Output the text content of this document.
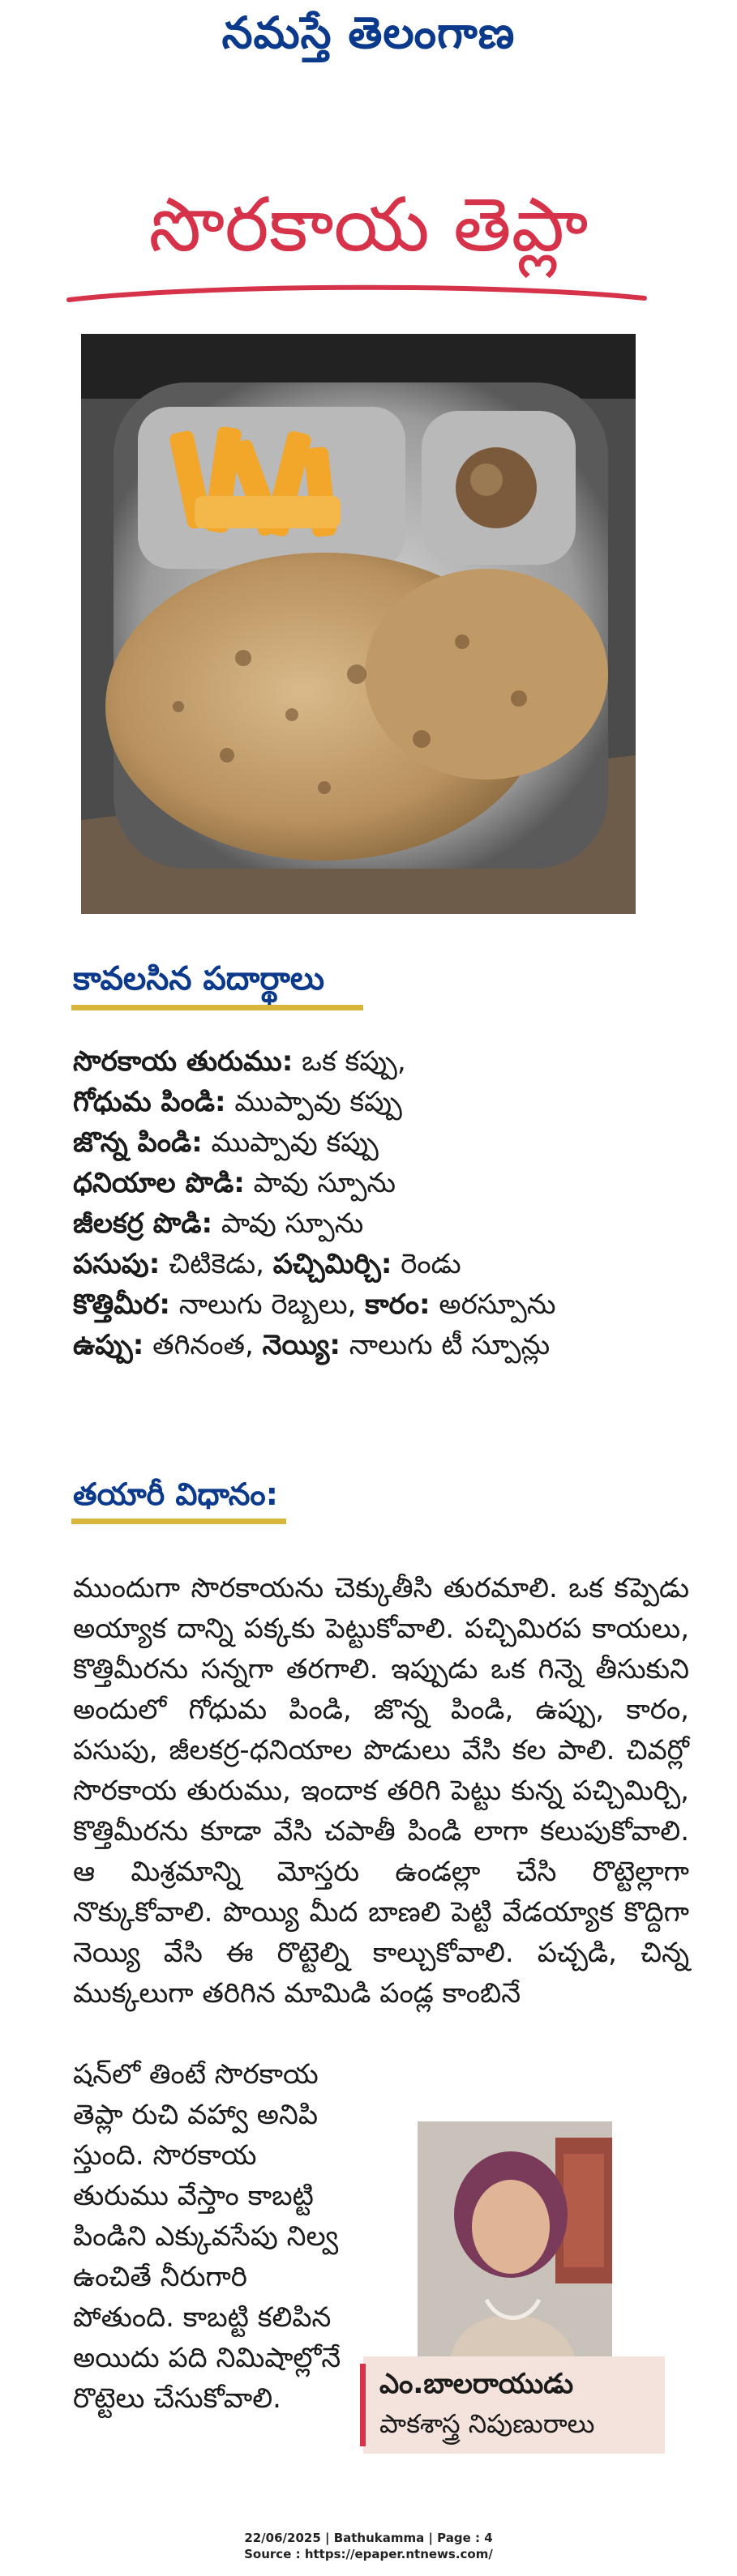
నమస్తే తెలంగాణ
సొరకాయ తెప్లా
కావలసిన పదార్థాలు
సొరకాయ తురుము: ఒక కప్పు,
గోధుమ పిండి: ముప్పావు కప్పు
జొన్న పిండి: ముప్పావు కప్పు
ధనియాల పొడి: పావు స్పూను
జీలకర్ర పొడి: పావు స్పూను
పసుపు: చిటికెడు, పచ్చిమిర్చి: రెండు
కొత్తిమీర: నాలుగు రెబ్బలు, కారం: అరస్పూను
ఉప్పు: తగినంత, నెయ్యి: నాలుగు టీ స్పూన్లు
తయారీ విధానం:
ముందుగా సొరకాయను చెక్కుతీసి తురమాలి. ఒక కప్పెడు అయ్యాక దాన్ని పక్కకు పెట్టుకోవాలి. పచ్చిమిరప కాయలు, కొత్తిమీరను సన్నగా తరగాలి. ఇప్పుడు ఒక గిన్నె తీసుకుని అందులో గోధుమ పిండి, జొన్న పిండి, ఉప్పు, కారం, పసుపు, జీలకర్ర-ధనియాల పొడులు వేసి కల పాలి. చివర్లో సొరకాయ తురుము, ఇందాక తరిగి పెట్టు కున్న పచ్చిమిర్చి, కొత్తిమీరను కూడా వేసి చపాతీ పిండి లాగా కలుపుకోవాలి. ఆ మిశ్రమాన్ని మోస్తరు ఉండల్లా చేసి రొట్టెల్లాగా నొక్కుకోవాలి. పొయ్యి మీద బాణలి పెట్టి వేడయ్యాక కొద్దిగా నెయ్యి వేసి ఈ రొట్టెల్ని కాల్చుకోవాలి. పచ్చడి, చిన్న ముక్కలుగా తరిగిన మామిడి పండ్ల కాంబినే
షన్‌లో తింటే సొరకాయ
తెప్లా రుచి వహ్వా అనిపి
స్తుంది. సొరకాయ
తురుము వేస్తాం కాబట్టి
పిండిని ఎక్కువసేపు నిల్వ
ఉంచితే నీరుగారి
పోతుంది. కాబట్టి కలిపిన
అయిదు పది నిమిషాల్లోనే
రొట్టెలు చేసుకోవాలి.	ఎం.బాలరాయుడు
పాకశాస్త్ర నిపుణురాలు
22/06/2025 | Bathukamma | Page : 4
Source : https://epaper.ntnews.com/
